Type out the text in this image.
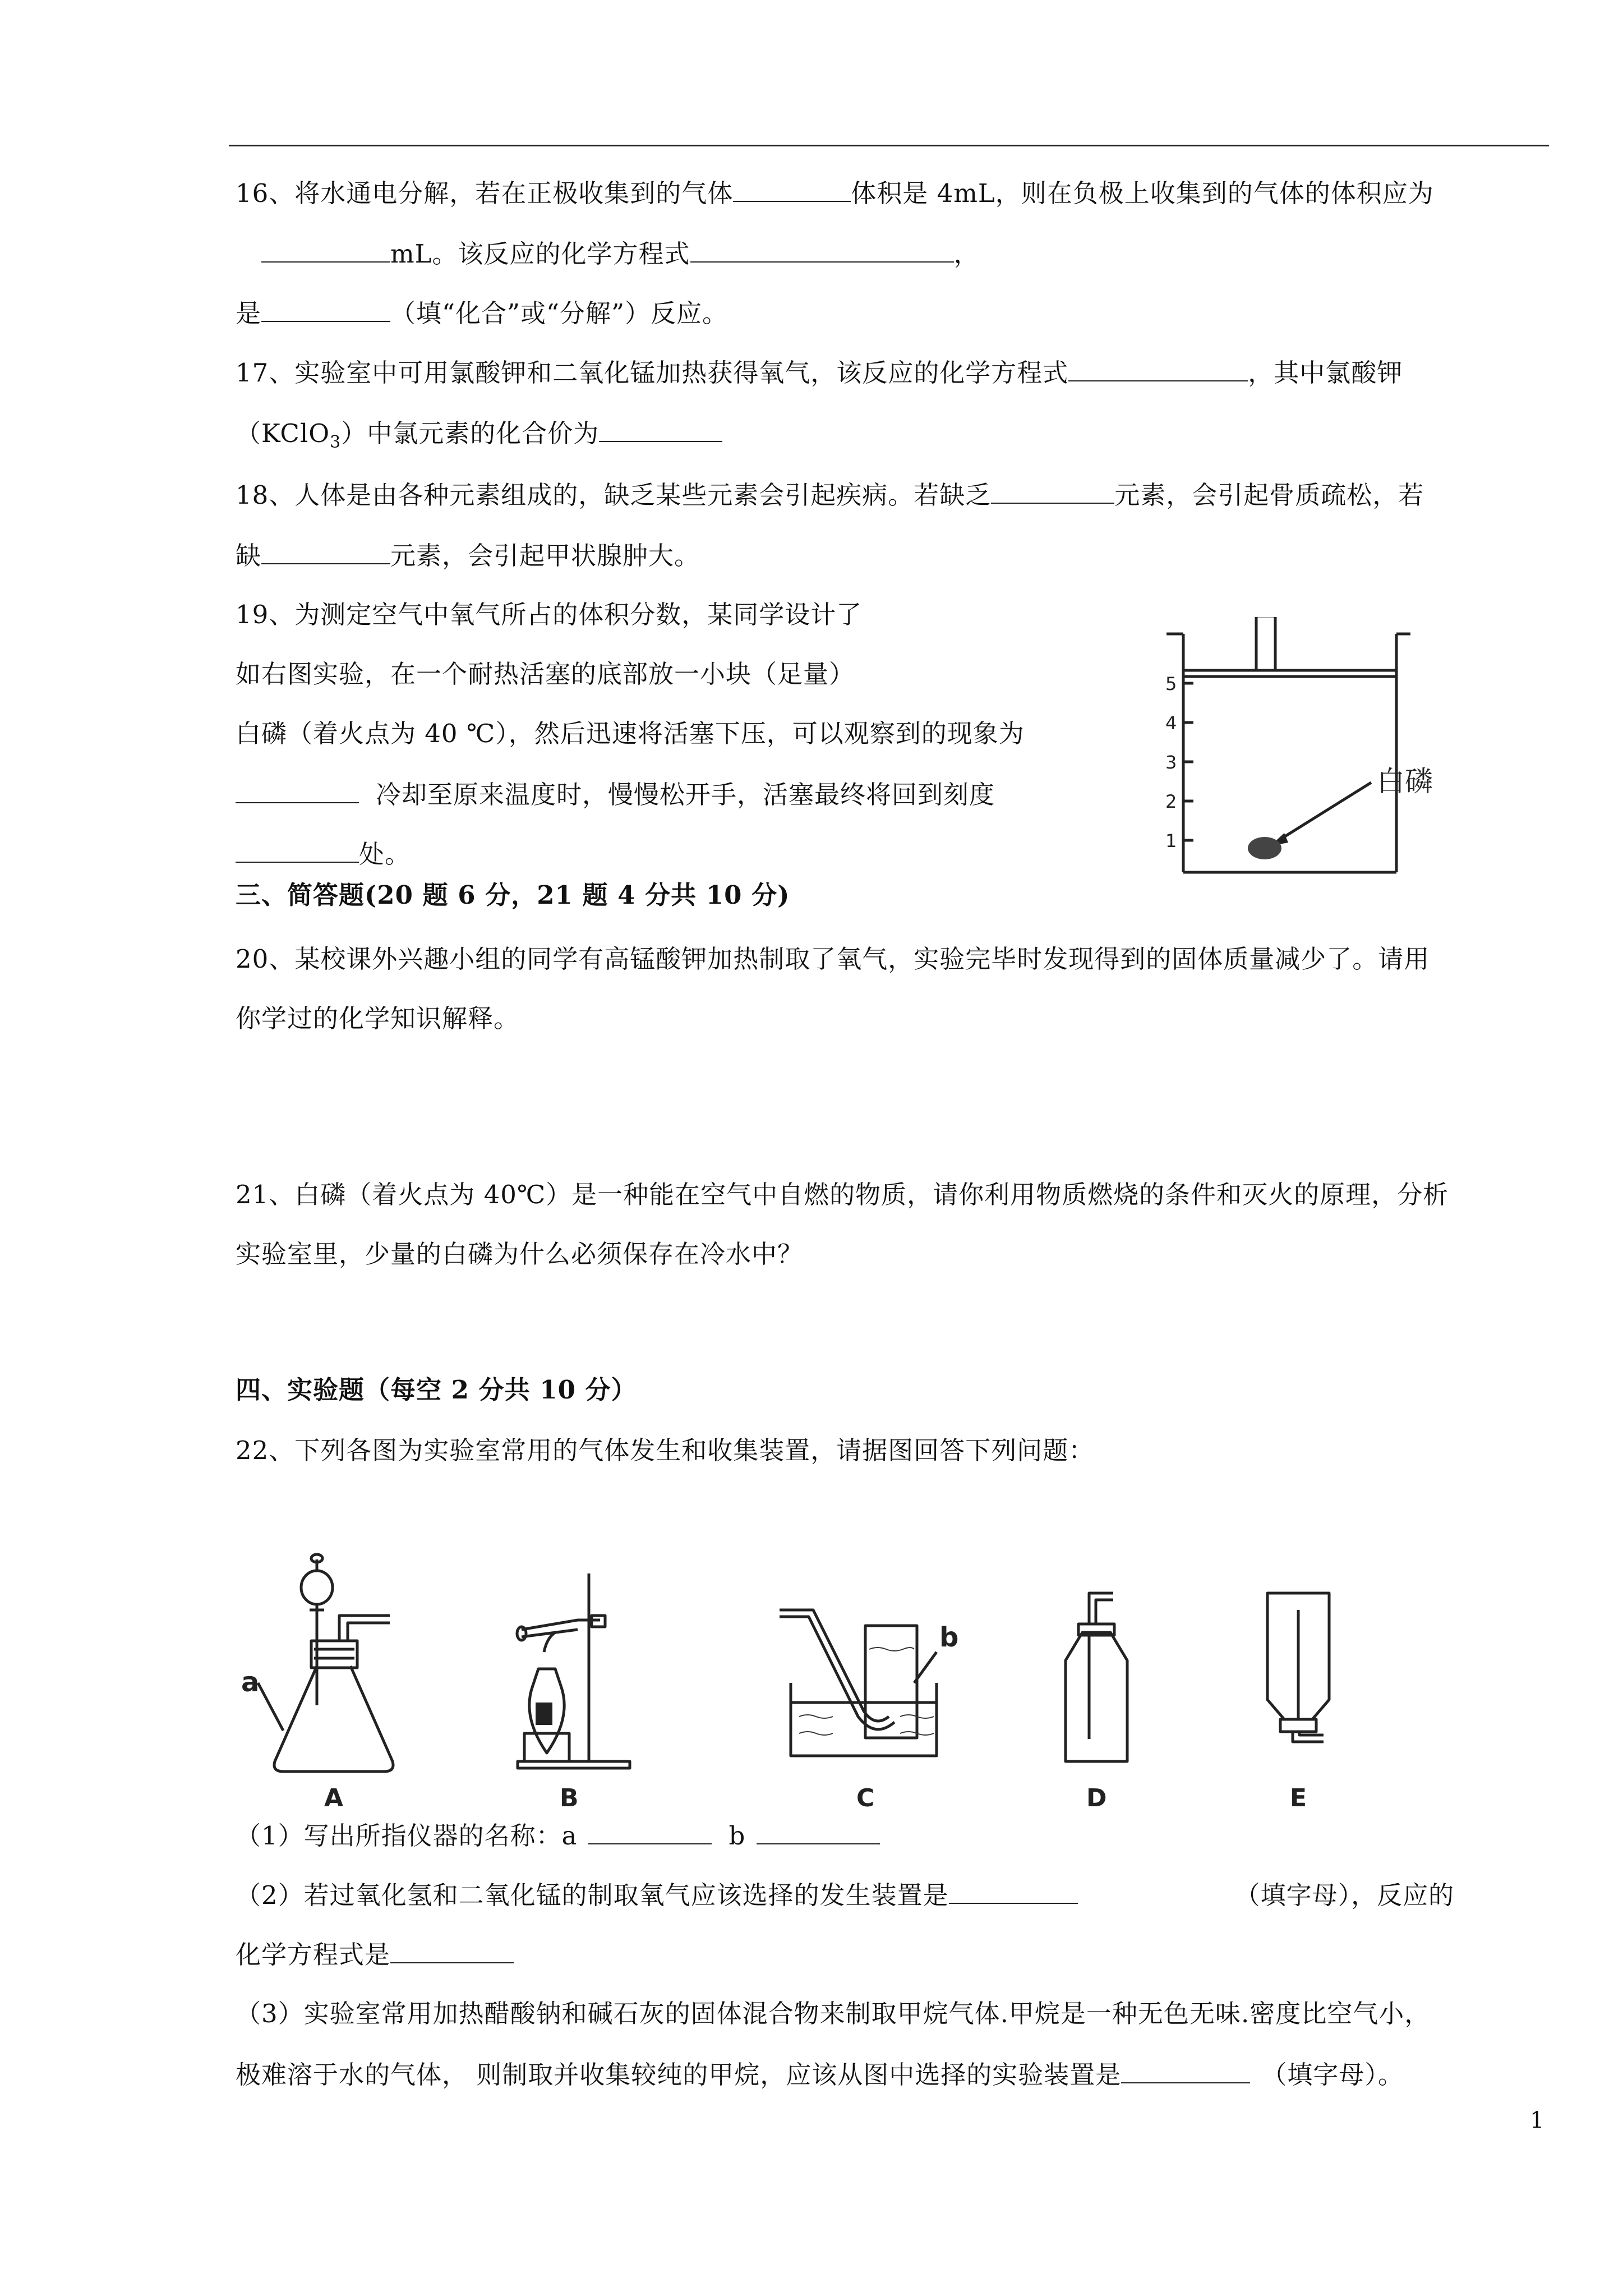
16、将水通电分解，若在正极收集到的气体	体积是 4mL，则在负极上收集到的气体的体积应为
mL。该反应的化学方程式	，
是	（填“化合”或“分解”）反应。
17、实验室中可用氯酸钾和二氧化锰加热获得氧气，该反应的化学方程式	，其中氯酸钾
（KClO$_3$）中氯元素的化合价为
18、人体是由各种元素组成的，缺乏某些元素会引起疾病。若缺乏	元素，会引起骨质疏松，若
缺	元素，会引起甲状腺肿大。
19、为测定空气中氧气所占的体积分数，某同学设计了
如右图实验，在一个耐热活塞的底部放一小块（足量）
白磷（着火点为 40 ℃），然后迅速将活塞下压，可以观察到的现象为
冷却至原来温度时，慢慢松开手，活塞最终将回到刻度
处。
5
4
3
2
1
白磷
三、简答题(20 题 6 分，21 题 4 分共 10 分)
20、某校课外兴趣小组的同学有高锰酸钾加热制取了氧气，实验完毕时发现得到的固体质量减少了。请用
你学过的化学知识解释。
21、白磷（着火点为 40℃）是一种能在空气中自燃的物质，请你利用物质燃烧的条件和灭火的原理，分析
实验室里，少量的白磷为什么必须保存在冷水中？
四、实验题（每空 2 分共 10 分）
22、下列各图为实验室常用的气体发生和收集装置，请据图回答下列问题：
a
b
A	B	C	D	E
（1）写出所指仪器的名称：a	b
（2）若过氧化氢和二氧化锰的制取氧气应该选择的发生装置是	（填字母），反应的
化学方程式是
（3）实验室常用加热醋酸钠和碱石灰的固体混合物来制取甲烷气体.甲烷是一种无色无味.密度比空气小，
极难溶于水的气体， 则制取并收集较纯的甲烷，应该从图中选择的实验装置是	（填字母）。
1
